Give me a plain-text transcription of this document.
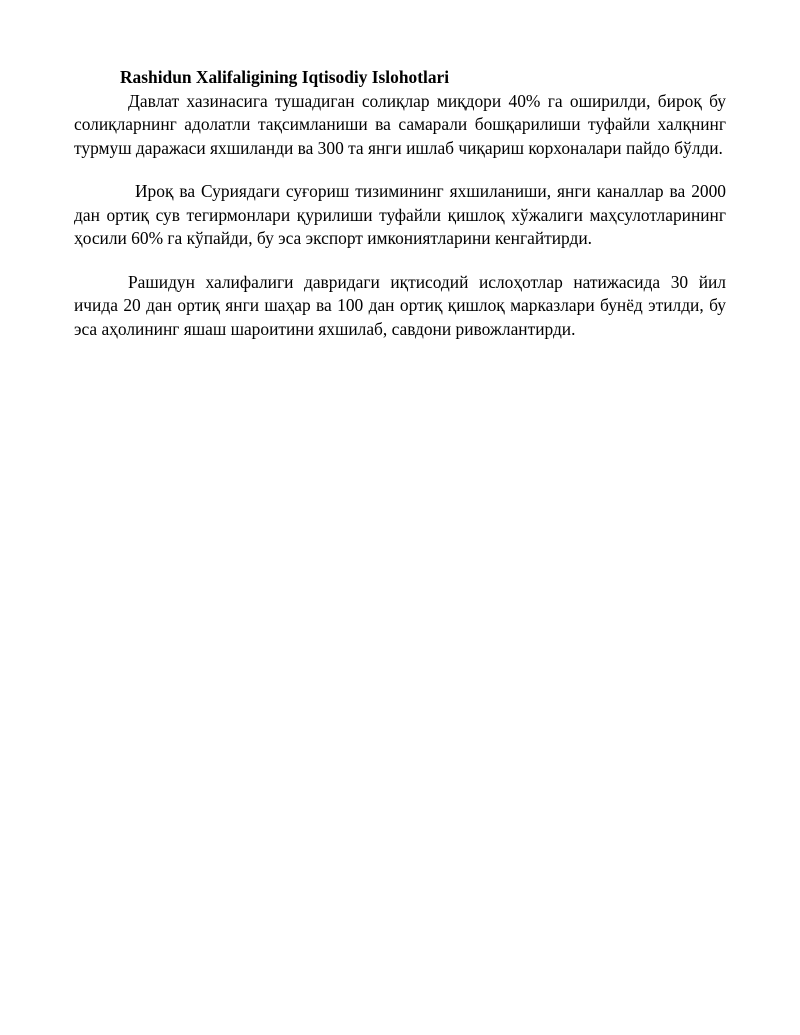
Rashidun Xalifaligining Iqtisodiy Islohotlari

Давлат хазинасига тушадиган солиқлар миқдори 40% га оширилди, бироқ бу солиқларнинг адолатли тақсимланиши ва самарали бошқарилиши туфайли халқнинг турмуш даражаси яхшиланди ва 300 та янги ишлаб чиқариш корхоналари пайдо бўлди.

Ироқ ва Суриядаги суғориш тизимининг яхшиланиши, янги каналлар ва 2000 дан ортиқ сув тегирмонлари қурилиши туфайли қишлоқ хўжалиги маҳсулотларининг ҳосили 60% га кўпайди, бу эса экспорт имкониятларини кенгайтирди.

Рашидун халифалиги давридаги иқтисодий ислоҳотлар натижасида 30 йил ичида 20 дан ортиқ янги шаҳар ва 100 дан ортиқ қишлоқ марказлари бунёд этилди, бу эса аҳолининг яшаш шароитини яхшилаб, савдони ривожлантирди.
